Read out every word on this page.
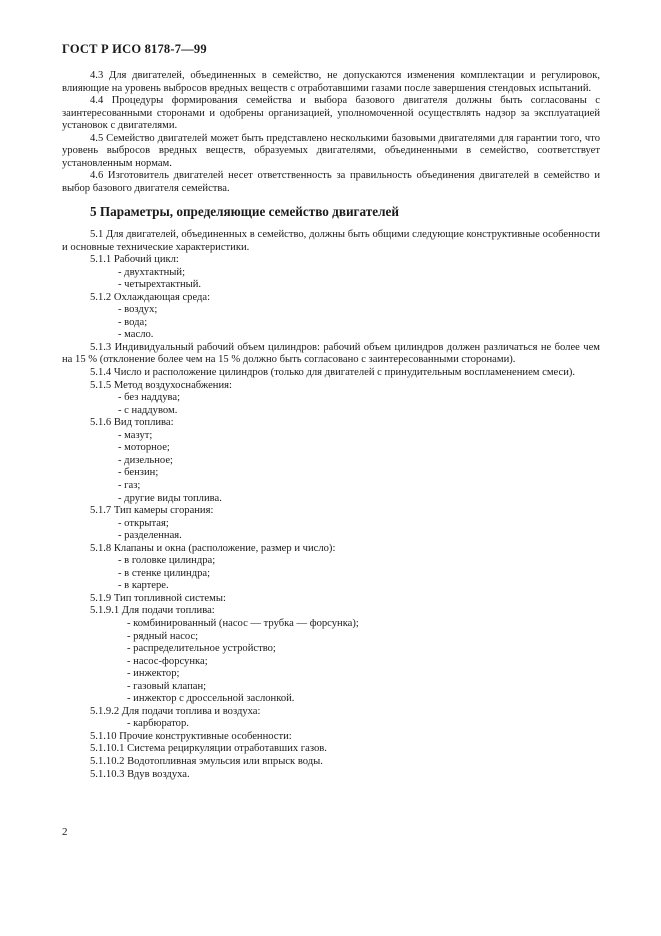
ГОСТ Р ИСО 8178-7—99

4.3 Для двигателей, объединенных в семейство, не допускаются изменения комплектации и регулировок, влияющие на уровень выбросов вредных веществ с отработавшими газами после завершения стендовых испытаний.

4.4 Процедуры формирования семейства и выбора базового двигателя должны быть согласованы с заинтересованными сторонами и одобрены организацией, уполномоченной осуществлять надзор за эксплуатацией установок с двигателями.

4.5 Семейство двигателей может быть представлено несколькими базовыми двигателями для гарантии того, что уровень выбросов вредных веществ, образуемых двигателями, объединенными в семейство, соответствует установленным нормам.

4.6 Изготовитель двигателей несет ответственность за правильность объединения двигателей в семейство и выбор базового двигателя семейства.

5 Параметры, определяющие семейство двигателей

5.1 Для двигателей, объединенных в семейство, должны быть общими следующие конструктивные особенности и основные технические характеристики.

5.1.1 Рабочий цикл:
- двухтактный;
- четырехтактный.
5.1.2 Охлаждающая среда:
- воздух;
- вода;
- масло.

5.1.3 Индивидуальный рабочий объем цилиндров: рабочий объем цилиндров должен различаться не более чем на 15 % (отклонение более чем на 15 % должно быть согласовано с заинтересованными сторонами).

5.1.4 Число и расположение цилиндров (только для двигателей с принудительным воспламенением смеси).

5.1.5 Метод воздухоснабжения:
- без наддува;
- с наддувом.
5.1.6 Вид топлива:
- мазут;
- моторное;
- дизельное;
- бензин;
- газ;
- другие виды топлива.
5.1.7 Тип камеры сгорания:
- открытая;
- разделенная.
5.1.8 Клапаны и окна (расположение, размер и число):
- в головке цилиндра;
- в стенке цилиндра;
- в картере.
5.1.9 Тип топливной системы:
5.1.9.1 Для подачи топлива:
- комбинированный (насос — трубка — форсунка);
- рядный насос;
- распределительное устройство;
- насос-форсунка;
- инжектор;
- газовый клапан;
- инжектор с дроссельной заслонкой.
5.1.9.2 Для подачи топлива и воздуха:
- карбюратор.
5.1.10 Прочие конструктивные особенности:
5.1.10.1 Система рециркуляции отработавших газов.
5.1.10.2 Водотопливная эмульсия или впрыск воды.
5.1.10.3 Вдув воздуха.
2
